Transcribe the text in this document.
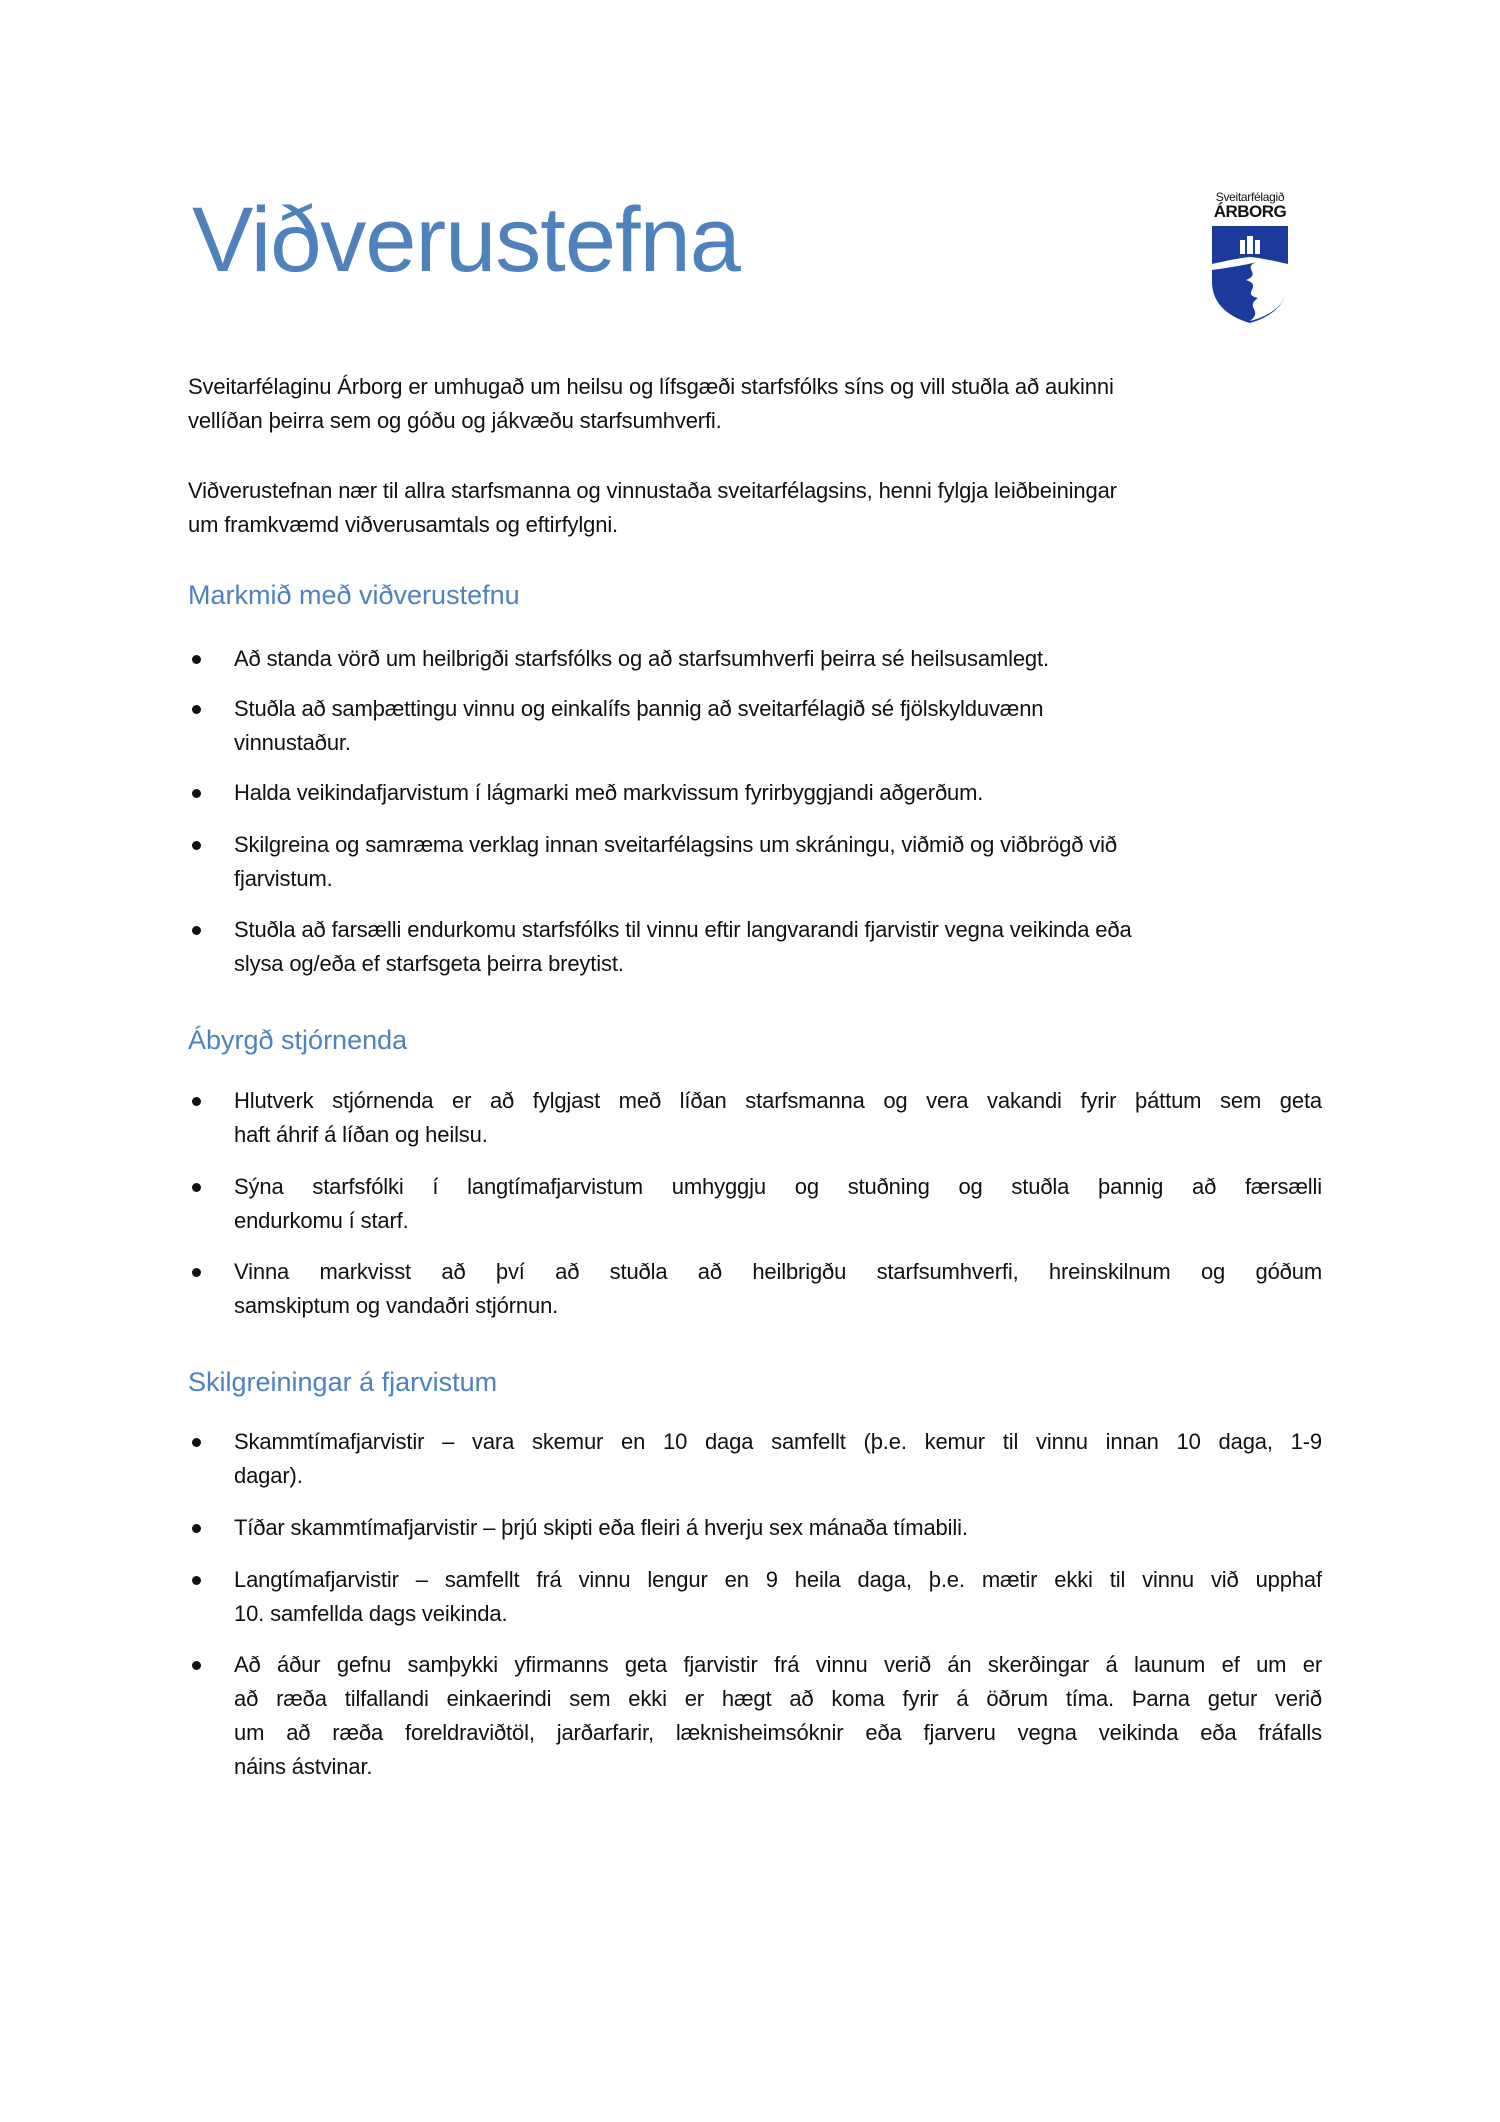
Viðverustefna	Sveitarfélagið
ÁRBORG
Sveitarfélaginu Árborg er umhugað um heilsu og lífsgæði starfsfólks síns og vill stuðla að aukinni
vellíðan þeirra sem og góðu og jákvæðu starfsumhverfi.
Viðverustefnan nær til allra starfsmanna og vinnustaða sveitarfélagsins, henni fylgja leiðbeiningar
um framkvæmd viðverusamtals og eftirfylgni.
Markmið með viðverustefnu
Ábyrgð stjórnenda
Skilgreiningar á fjarvistum
Að standa vörð um heilbrigði starfsfólks og að starfsumhverfi þeirra sé heilsusamlegt.
Stuðla að samþættingu vinnu og einkalífs þannig að sveitarfélagið sé fjölskylduvænn
vinnustaður.
Halda veikindafjarvistum í lágmarki með markvissum fyrirbyggjandi aðgerðum.
Skilgreina og samræma verklag innan sveitarfélagsins um skráningu, viðmið og viðbrögð við
fjarvistum.
Stuðla að farsælli endurkomu starfsfólks til vinnu eftir langvarandi fjarvistir vegna veikinda eða
slysa og/eða ef starfsgeta þeirra breytist.
Hlutverk stjórnenda er að fylgjast með líðan starfsmanna og vera vakandi fyrir þáttum sem geta
haft áhrif á líðan og heilsu.
Sýna starfsfólki í langtímafjarvistum umhyggju og stuðning og stuðla þannig að færsælli
endurkomu í starf.
Vinna markvisst að því að stuðla að heilbrigðu starfsumhverfi, hreinskilnum og góðum
samskiptum og vandaðri stjórnun.
Skammtímafjarvistir – vara skemur en 10 daga samfellt (þ.e. kemur til vinnu innan 10 daga, 1-9
dagar).
Tíðar skammtímafjarvistir – þrjú skipti eða fleiri á hverju sex mánaða tímabili.
Langtímafjarvistir – samfellt frá vinnu lengur en 9 heila daga, þ.e. mætir ekki til vinnu við upphaf
10. samfellda dags veikinda.
Að áður gefnu samþykki yfirmanns geta fjarvistir frá vinnu verið án skerðingar á launum ef um er
að ræða tilfallandi einkaerindi sem ekki er hægt að koma fyrir á öðrum tíma. Þarna getur verið
um að ræða foreldraviðtöl, jarðarfarir, læknisheimsóknir eða fjarveru vegna veikinda eða fráfalls
náins ástvinar.
